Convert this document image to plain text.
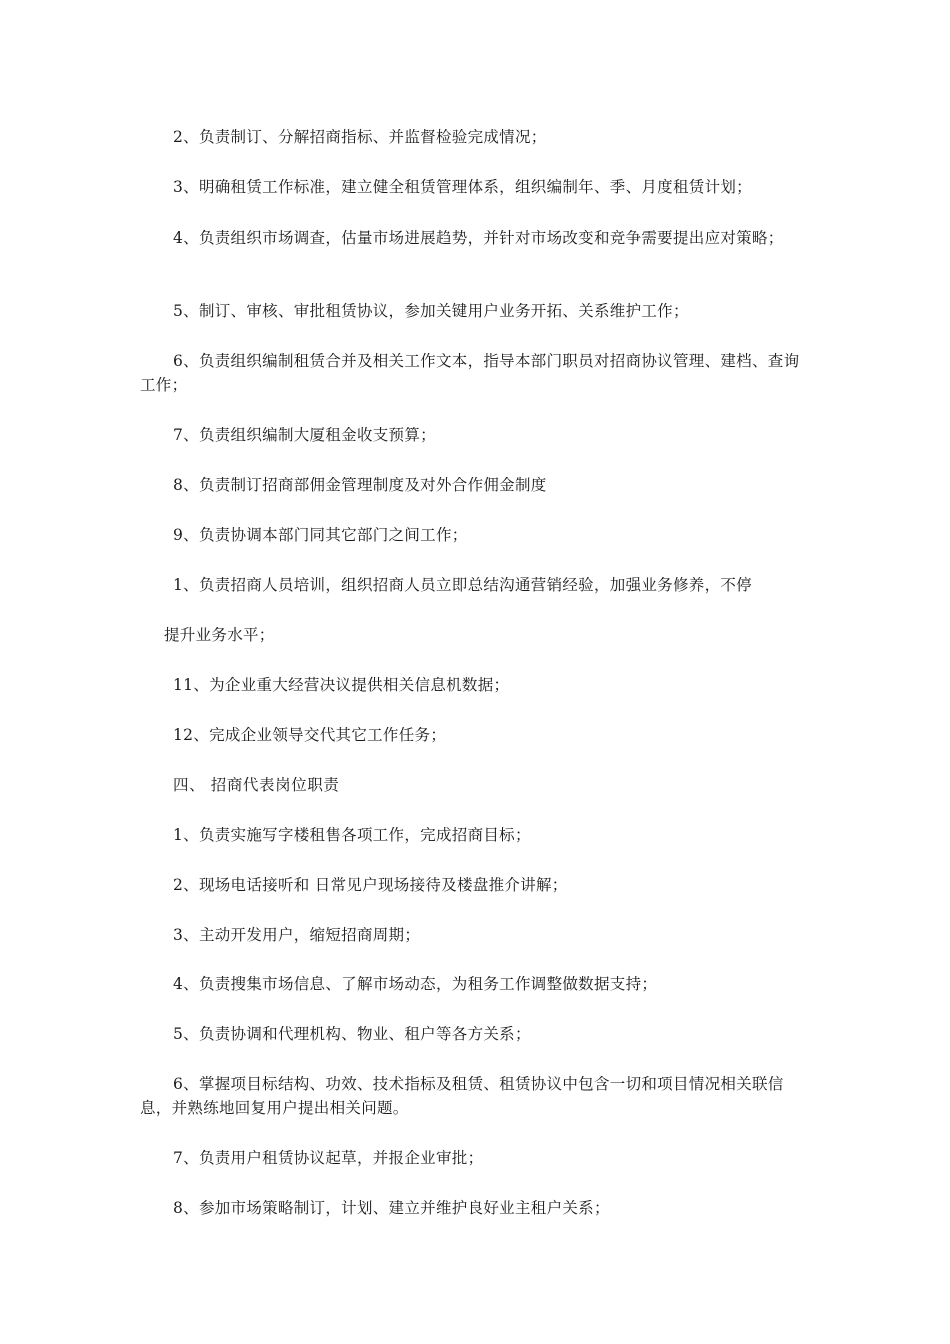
2、负责制订、分解招商指标、并监督检验完成情况；

3、明确租赁工作标准，建立健全租赁管理体系，组织编制年、季、月度租赁计划；

4、负责组织市场调查，估量市场进展趋势，并针对市场改变和竞争需要提出应对策略；

5、制订、审核、审批租赁协议，参加关键用户业务开拓、关系维护工作；

6、负责组织编制租赁合并及相关工作文本，指导本部门职员对招商协议管理、建档、查询工作；

7、负责组织编制大厦租金收支预算；

8、负责制订招商部佣金管理制度及对外合作佣金制度

9、负责协调本部门同其它部门之间工作；

1、负责招商人员培训，组织招商人员立即总结沟通营销经验，加强业务修养，不停

提升业务水平；

11、为企业重大经营决议提供相关信息机数据；

12、完成企业领导交代其它工作任务；

四、 招商代表岗位职责

1、负责实施写字楼租售各项工作，完成招商目标；

2、现场电话接听和 日常见户现场接待及楼盘推介讲解；

3、主动开发用户，缩短招商周期；

4、负责搜集市场信息、了解市场动态，为租务工作调整做数据支持；

5、负责协调和代理机构、物业、租户等各方关系；

6、掌握项目标结构、功效、技术指标及租赁、租赁协议中包含一切和项目情况相关联信息，并熟练地回复用户提出相关问题。

7、负责用户租赁协议起草，并报企业审批；

8、参加市场策略制订，计划、建立并维护良好业主租户关系；
